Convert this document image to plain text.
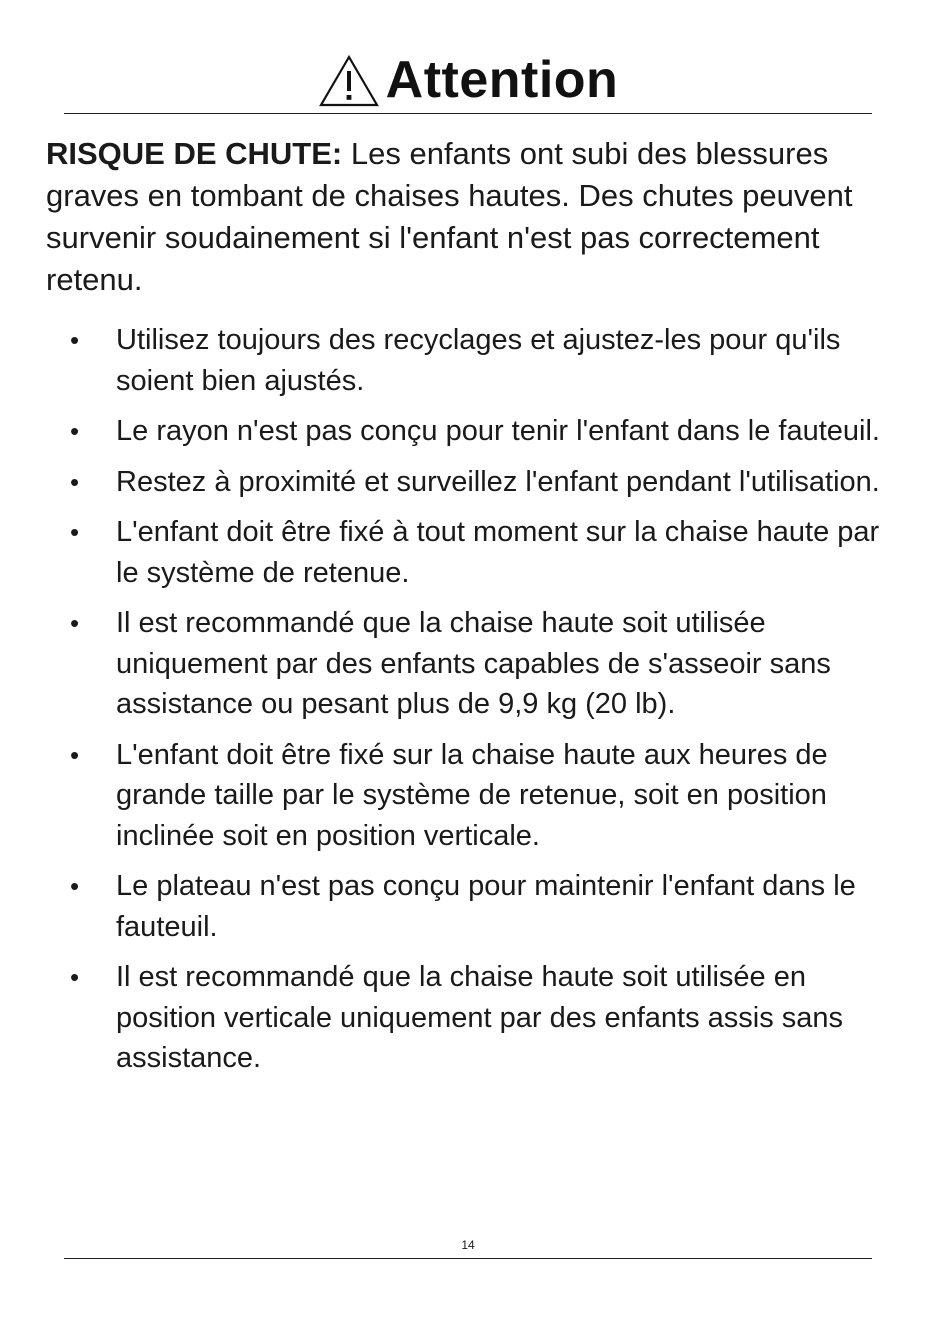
Attention

RISQUE DE CHUTE: Les enfants ont subi des blessures graves en tombant de chaises hautes. Des chutes peuvent survenir soudainement si l'enfant n'est pas correctement retenu.

• Utilisez toujours des recyclages et ajustez-les pour qu'ils soient bien ajustés.
• Le rayon n'est pas conçu pour tenir l'enfant dans le fauteuil.
• Restez à proximité et surveillez l'enfant pendant l'utilisation.
• L'enfant doit être fixé à tout moment sur la chaise haute par le système de retenue.
• Il est recommandé que la chaise haute soit utilisée uniquement par des enfants capables de s'asseoir sans assistance ou pesant plus de 9,9 kg (20 lb).
• L'enfant doit être fixé sur la chaise haute aux heures de grande taille par le système de retenue, soit en position inclinée soit en position verticale.
• Le plateau n'est pas conçu pour maintenir l'enfant dans le fauteuil.
• Il est recommandé que la chaise haute soit utilisée en position verticale uniquement par des enfants assis sans assistance.
14
